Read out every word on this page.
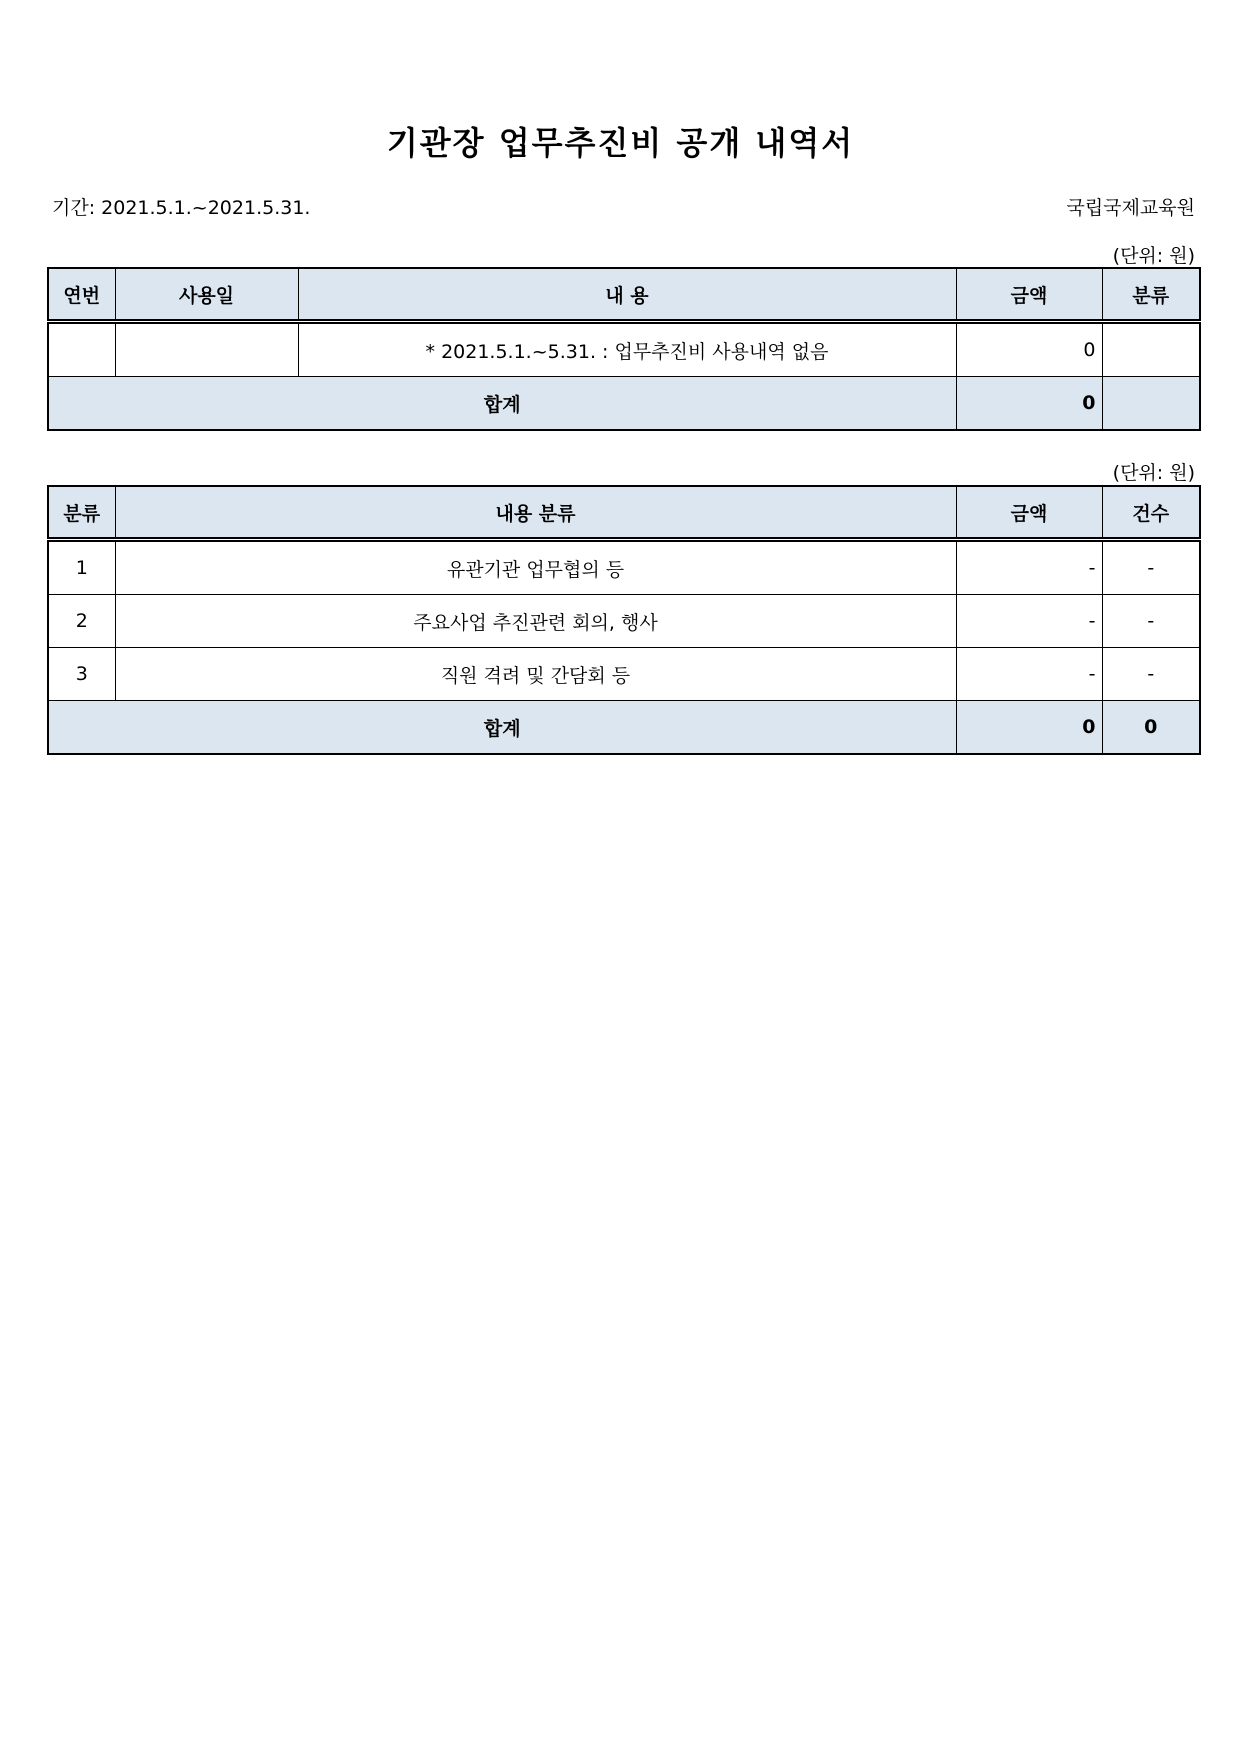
기관장 업무추진비 공개 내역서
기간: 2021.5.1.~2021.5.31.	국립국제교육원
(단위: 원)
연번	사용일	내 용	금액	분류
		* 2021.5.1.~5.31. : 업무추진비 사용내역 없음	0	
합계			0	
(단위: 원)
분류	내용 분류	금액	건수
1	유관기관 업무협의 등	-	-
2	주요사업 추진관련 회의, 행사	-	-
3	직원 격려 및 간담회 등	-	-
합계		0	0
